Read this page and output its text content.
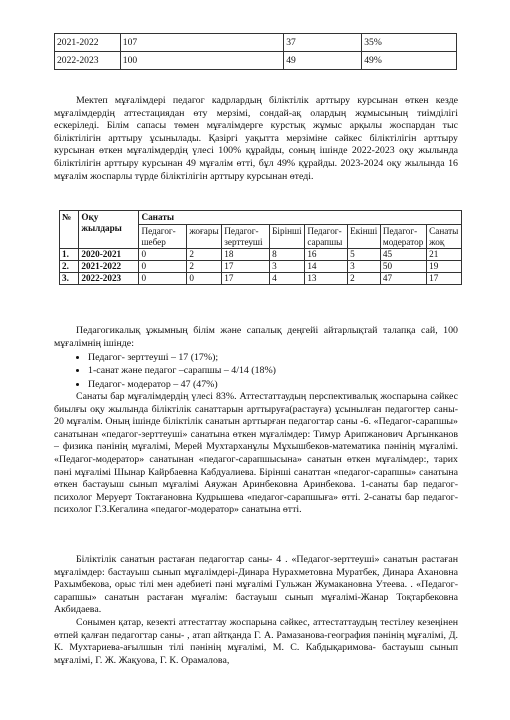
2021-2022	107	37	35%
2022-2023	100	49	49%

Мектеп мұғалімдері педагог кадрлардың біліктілік арттыру курсынан өткен кезде мұғалімдердің аттестациядан өту мерзімі, сондай-ақ олардың жұмысының тиімділігі ескеріледі. Білім сапасы төмен мұғалімдерге курстық жұмыс арқылы жоспардан тыс біліктілігін арттыру ұсынылады. Қазіргі уақытта мерзіміне сәйкес біліктілігін арттыру курсынан өткен мұғалімдердің үлесі 100% құрайды, соның ішінде 2022-2023 оқу жылында біліктілігін арттыру курсынан 49 мұғалім өтті, бұл 49% құрайды. 2023-2024 оқу жылында 16 мұғалім жоспарлы түрде біліктілігін арттыру курсынан өтеді.

№	Оқу жылдары	Санаты							
		Педагог-шебер	жоғары	Педагог-зерттеуші	Бірінші	Педагог-сарапшы	Екінші	Педагог-модератор	Санаты жоқ
1.	2020-2021	0	2	18	8	16	5	45	21
2.	2021-2022	0	2	17	3	14	3	50	19
3.	2022-2023	0	0	17	4	13	2	47	17

Педагогикалық ұжымның білім және сапалық деңгейі айтарлықтай талапқа сай, 100 мұғалімнің ішінде:

• Педагог- зерттеуші – 17 (17%);
• 1-санат және педагог –сарапшы – 4/14 (18%)
• Педагог- модератор – 47 (47%)

Санаты бар мұғалімдердің үлесі 83%. Аттестаттаудың перспективалық жоспарына сәйкес биылғы оқу жылында біліктілік санаттарын арттыруға(растауға) ұсынылған педагогтер саны- 20 мұғалім. Оның ішінде біліктілік санатын арттырған педагогтар саны -6. «Педагог-сарапшы» санатынан «педагог-зерттеуші» санатына өткен мұғалімдер: Тимур Арипжанович Аргынканов – физика пәнінің мұғалімі, Мерей Мухтарханұлы Мұхышбеков-математика пәнінің мұғалімі. «Педагог-модератор» санатынан «педагог-сарапшысына» санатын өткен мұғалімдер:, тарих пәні мұғалімі Шынар Кайрбаевна Кабдуалиева. Бірінші санаттан «педагог-сарапшы» санатына өткен бастауыш сынып мұғалімі Аяужан Аринбековна Аринбекова. 1-санаты бар педагог-психолог Меруерт Токтағановна Кудрышева «педагог-сарапшыға» өтті. 2-санаты бар педагог-психолог Г.З.Кегалина «педагог-модератор» санатына өтті.

Біліктілік санатын растаған педагогтар саны- 4 . «Педагог-зерттеуші» санатын растаған мұғалімдер: бастауыш сынып мұғалімдері-Динара Нурахметовна Муратбек, Динара Ахановна Рахымбекова, орыс тілі мен әдебиеті пәні мұғалімі Гульжан Жумакановна Утеева. . «Педагог-сарапшы» санатын растаған мұғалім: бастауыш сынып мұғалімі-Жанар Тоқтарбековна Акбидаева.

Сонымен қатар, кезекті аттестаттау жоспарына сәйкес, аттестаттаудың тестілеу кезеңінен өтпей қалған педагогтар саны- , атап айтқанда Г. А. Рамазанова-география пәнінің мұғалімі, Д. К. Мухтариева-ағылшын тілі пәнінің мұғалімі, М. С. Кабдықаримова- бастауыш сынып мұғалімі, Г. Ж. Жақуова, Г. К. Орамалова,
